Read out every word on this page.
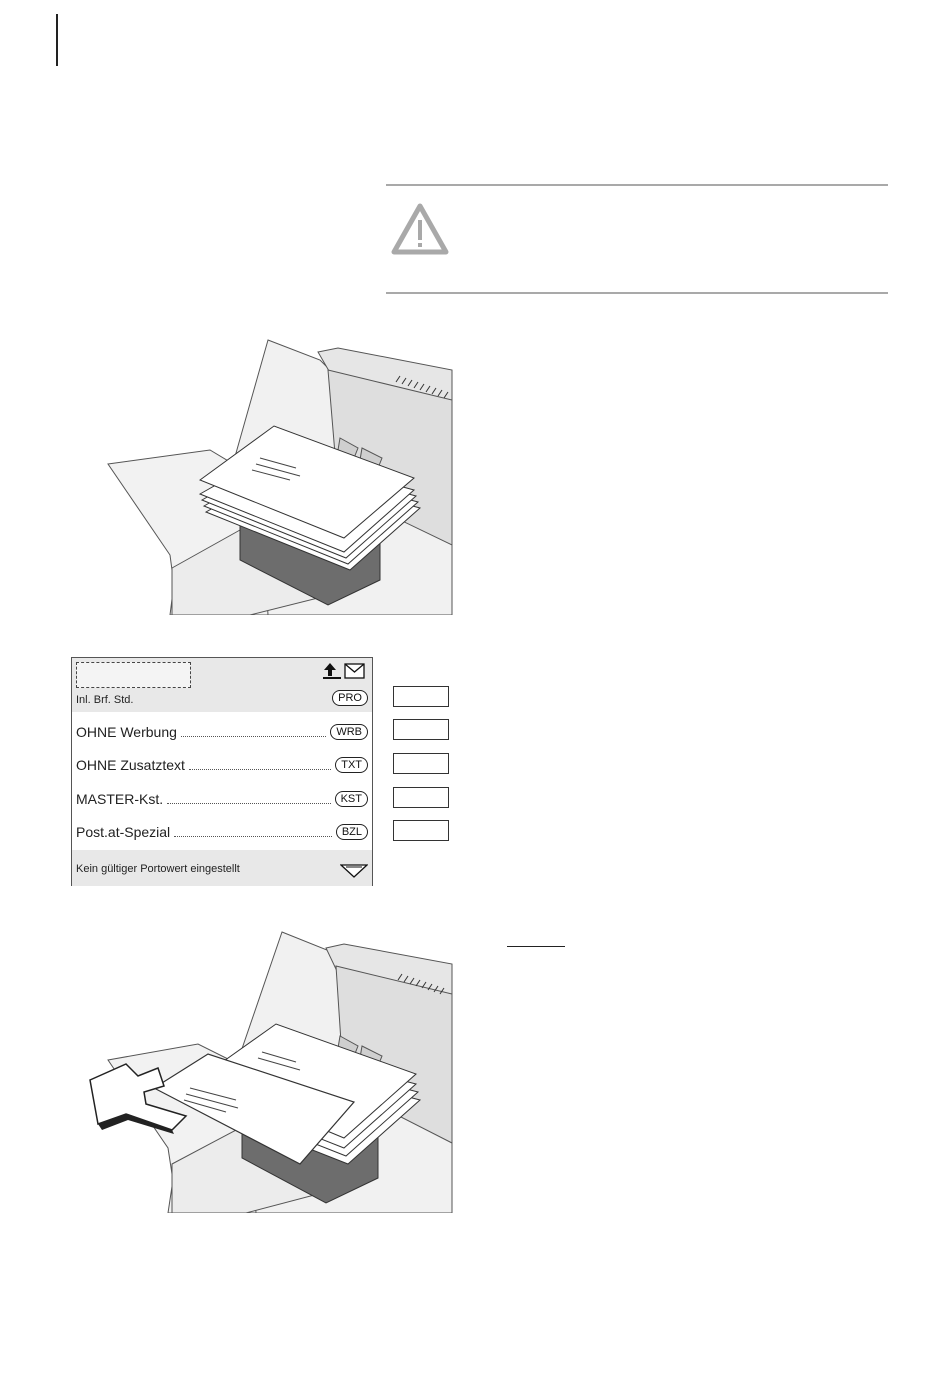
Inl. Brf. Std.	PRO
OHNE Werbung	WRB
OHNE Zusatztext	TXT
MASTER-Kst.	KST
Post.at-Spezial	BZL
Kein gültiger Portowert eingestellt
